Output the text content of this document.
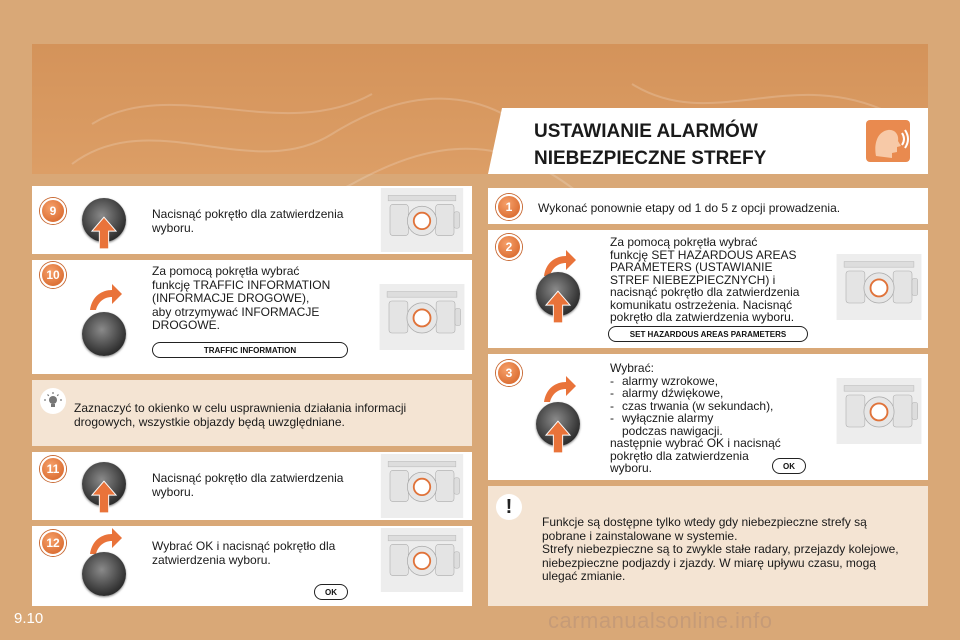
USTAWIANIE ALARMÓW
NIEBEZPIECZNE STREFY
9	Nacisnąć pokrętło dla zatwierdzenia wyboru.
10	Za pomocą pokrętła wybrać
funkcję TRAFFIC INFORMATION
(INFORMACJE DROGOWE),
aby otrzymywać INFORMACJE
DROGOWE.
TRAFFIC INFORMATION
Zaznaczyć to okienko w celu usprawnienia działania informacji
drogowych, wszystkie objazdy będą uwzględniane.
11
Nacisnąć pokrętło dla zatwierdzenia wyboru.
12	Wybrać OK i nacisnąć pokrętło dla
zatwierdzenia wyboru.
OK
1	Wykonać ponownie etapy od 1 do 5 z opcji prowadzenia.
2	Za pomocą pokrętła wybrać
funkcję SET HAZARDOUS AREAS
PARAMETERS (USTAWIANIE
STREF NIEBEZPIECZNYCH) i
nacisnąć pokrętło dla zatwierdzenia
komunikatu ostrzeżenia. Nacisnąć
pokrętło dla zatwierdzenia wyboru.
SET HAZARDOUS AREAS PARAMETERS
3	Wybrać:
- alarmy wzrokowe,
- alarmy dźwiękowe,
- czas trwania (w sekundach),
- wyłącznie alarmy podczas nawigacji.
następnie wybrać OK i nacisnąć
pokrętło dla zatwierdzenia
wyboru.	OK
!
Funkcje są dostępne tylko wtedy gdy niebezpieczne strefy są
pobrane i zainstalowane w systemie.
Strefy niebezpieczne są to zwykle stałe radary, przejazdy kolejowe,
niebezpieczne podjazdy i zjazdy. W miarę upływu czasu, mogą
ulegać zmianie.
9.10	carmanualsonline.info
